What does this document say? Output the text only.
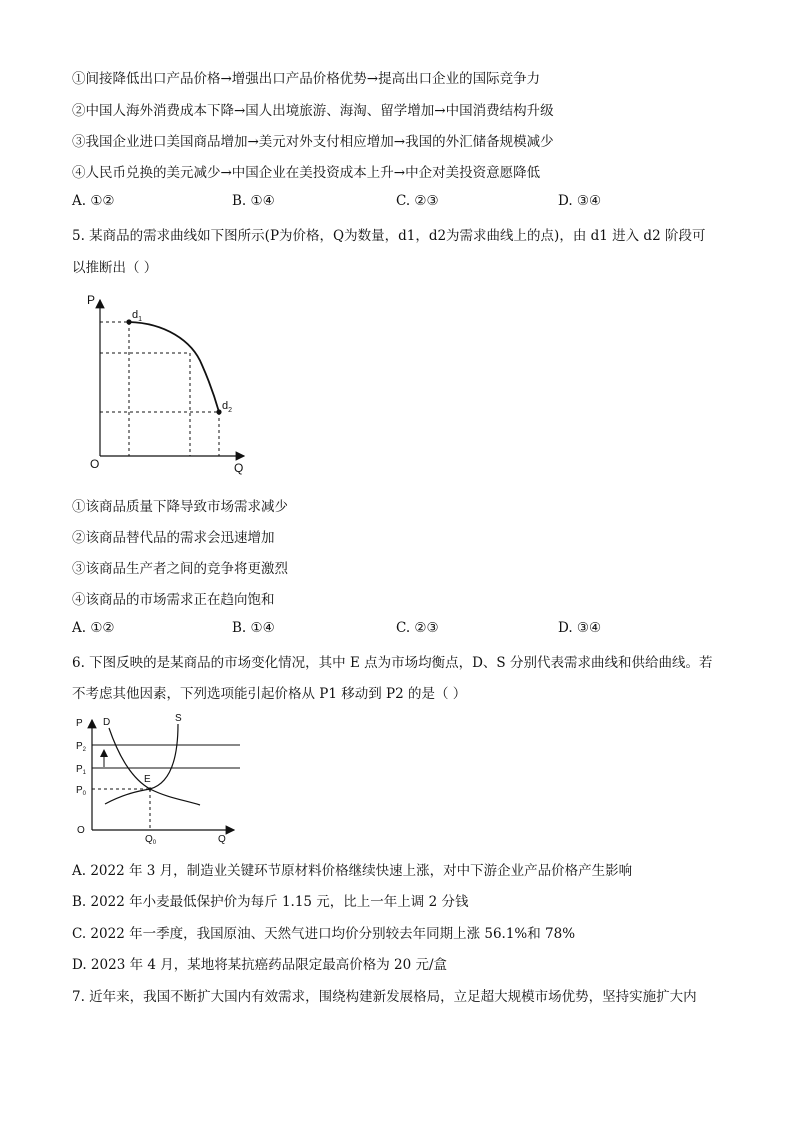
①间接降低出口产品价格→增强出口产品价格优势→提高出口企业的国际竞争力
②中国人海外消费成本下降→国人出境旅游、海淘、留学增加→中国消费结构升级
③我国企业进口美国商品增加→美元对外支付相应增加→我国的外汇储备规模减少
④人民币兑换的美元减少→中国企业在美投资成本上升→中企对美投资意愿降低
A. ①②	B. ①④	C. ②③	D. ③④
5. 某商品的需求曲线如下图所示(P为价格，Q为数量，d1，d2为需求曲线上的点)，由 d1 进入 d2 阶段可
以推断出（ ）
P
Q
O
$d_1$
$d_2$
①该商品质量下降导致市场需求减少
②该商品替代品的需求会迅速增加
③该商品生产者之间的竞争将更激烈
④该商品的市场需求正在趋向饱和
A. ①②	B. ①④	C. ②③	D. ③④
6. 下图反映的是某商品的市场变化情况，其中 E 点为市场均衡点，D、S 分别代表需求曲线和供给曲线。若
不考虑其他因素，下列选项能引起价格从 P1 移动到 P2 的是（ ）
P
Q
O
D	S
E
$P_2$
$P_1$
$P_0$
$Q_0$
A. 2022 年 3 月，制造业关键环节原材料价格继续快速上涨，对中下游企业产品价格产生影响
B. 2022 年小麦最低保护价为每斤 1.15 元，比上一年上调 2 分钱
C. 2022 年一季度，我国原油、天然气进口均价分别较去年同期上涨 56.1%和 78%
D. 2023 年 4 月，某地将某抗癌药品限定最高价格为 20 元/盒
7. 近年来，我国不断扩大国内有效需求，围绕构建新发展格局，立足超大规模市场优势，坚持实施扩大内
